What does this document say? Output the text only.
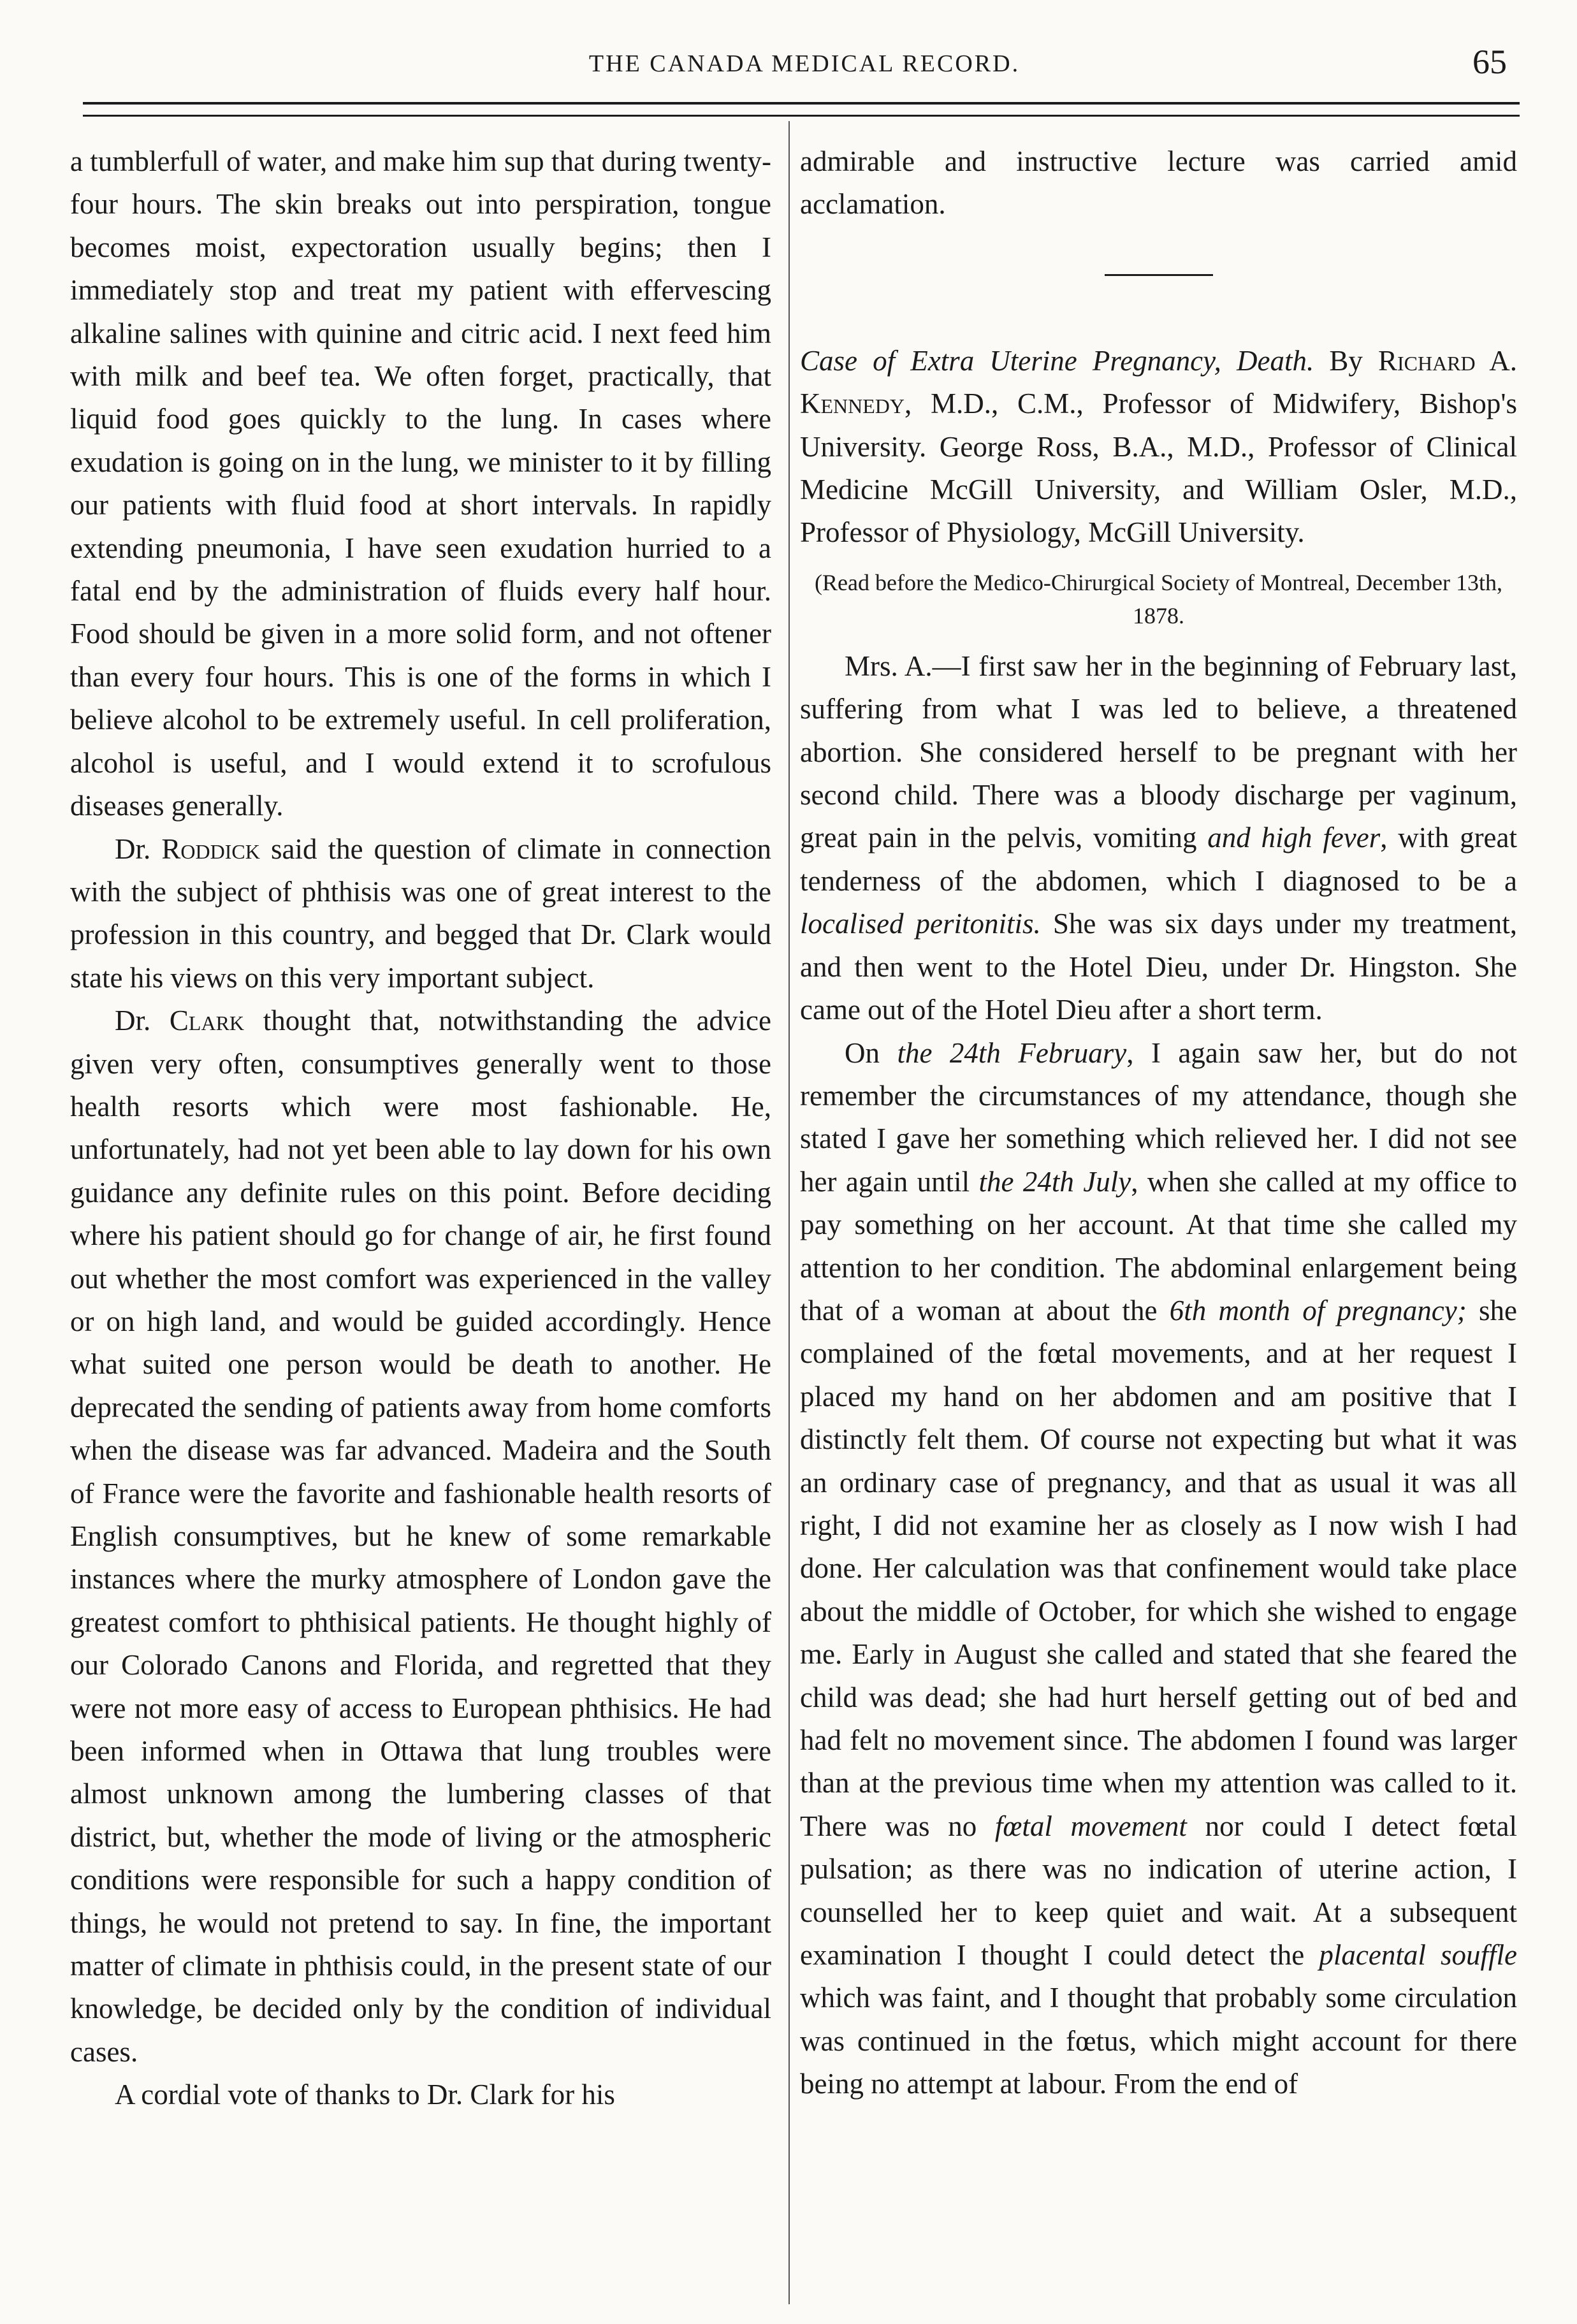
THE CANADA MEDICAL RECORD.	65

a tumblerfull of water, and make him sup that during twenty-four hours. The skin breaks out into perspiration, tongue becomes moist, expectoration usually begins; then I immediately stop and treat my patient with effervescing alkaline salines with quinine and citric acid. I next feed him with milk and beef tea. We often forget, practically, that liquid food goes quickly to the lung. In cases where exudation is going on in the lung, we minister to it by filling our patients with fluid food at short intervals. In rapidly extending pneumonia, I have seen exudation hurried to a fatal end by the administration of fluids every half hour. Food should be given in a more solid form, and not oftener than every four hours. This is one of the forms in which I believe alcohol to be extremely useful. In cell proliferation, alcohol is useful, and I would extend it to scrofulous diseases generally.

Dr. Roddick said the question of climate in connection with the subject of phthisis was one of great interest to the profession in this country, and begged that Dr. Clark would state his views on this very important subject.

Dr. Clark thought that, notwithstanding the advice given very often, consumptives generally went to those health resorts which were most fashionable. He, unfortunately, had not yet been able to lay down for his own guidance any definite rules on this point. Before deciding where his patient should go for change of air, he first found out whether the most comfort was experienced in the valley or on high land, and would be guided accordingly. Hence what suited one person would be death to another. He deprecated the sending of patients away from home comforts when the disease was far advanced. Madeira and the South of France were the favorite and fashionable health resorts of English consumptives, but he knew of some remarkable instances where the murky atmosphere of London gave the greatest comfort to phthisical patients. He thought highly of our Colorado Canons and Florida, and regretted that they were not more easy of access to European phthisics. He had been informed when in Ottawa that lung troubles were almost unknown among the lumbering classes of that district, but, whether the mode of living or the atmospheric conditions were responsible for such a happy condition of things, he would not pretend to say. In fine, the important matter of climate in phthisis could, in the present state of our knowledge, be decided only by the condition of individual cases.

A cordial vote of thanks to Dr. Clark for his

admirable and instructive lecture was carried amid acclamation.

Case of Extra Uterine Pregnancy, Death. By Richard A. Kennedy, M.D., C.M., Professor of Midwifery, Bishop's University. George Ross, B.A., M.D., Professor of Clinical Medicine McGill University, and William Osler, M.D., Professor of Physiology, McGill University.

(Read before the Medico-Chirurgical Society of Montreal, December 13th, 1878.

Mrs. A.—I first saw her in the beginning of February last, suffering from what I was led to believe, a threatened abortion. She considered herself to be pregnant with her second child. There was a bloody discharge per vaginum, great pain in the pelvis, vomiting and high fever, with great tenderness of the abdomen, which I diagnosed to be a localised peritonitis. She was six days under my treatment, and then went to the Hotel Dieu, under Dr. Hingston. She came out of the Hotel Dieu after a short term.

On the 24th February, I again saw her, but do not remember the circumstances of my attendance, though she stated I gave her something which relieved her. I did not see her again until the 24th July, when she called at my office to pay something on her account. At that time she called my attention to her condition. The abdominal enlargement being that of a woman at about the 6th month of pregnancy; she complained of the fœtal movements, and at her request I placed my hand on her abdomen and am positive that I distinctly felt them. Of course not expecting but what it was an ordinary case of pregnancy, and that as usual it was all right, I did not examine her as closely as I now wish I had done. Her calculation was that confinement would take place about the middle of October, for which she wished to engage me. Early in August she called and stated that she feared the child was dead; she had hurt herself getting out of bed and had felt no movement since. The abdomen I found was larger than at the previous time when my attention was called to it. There was no fœtal movement nor could I detect fœtal pulsation; as there was no indication of uterine action, I counselled her to keep quiet and wait. At a subsequent examination I thought I could detect the placental souffle which was faint, and I thought that probably some circulation was continued in the fœtus, which might account for there being no attempt at labour. From the end of
